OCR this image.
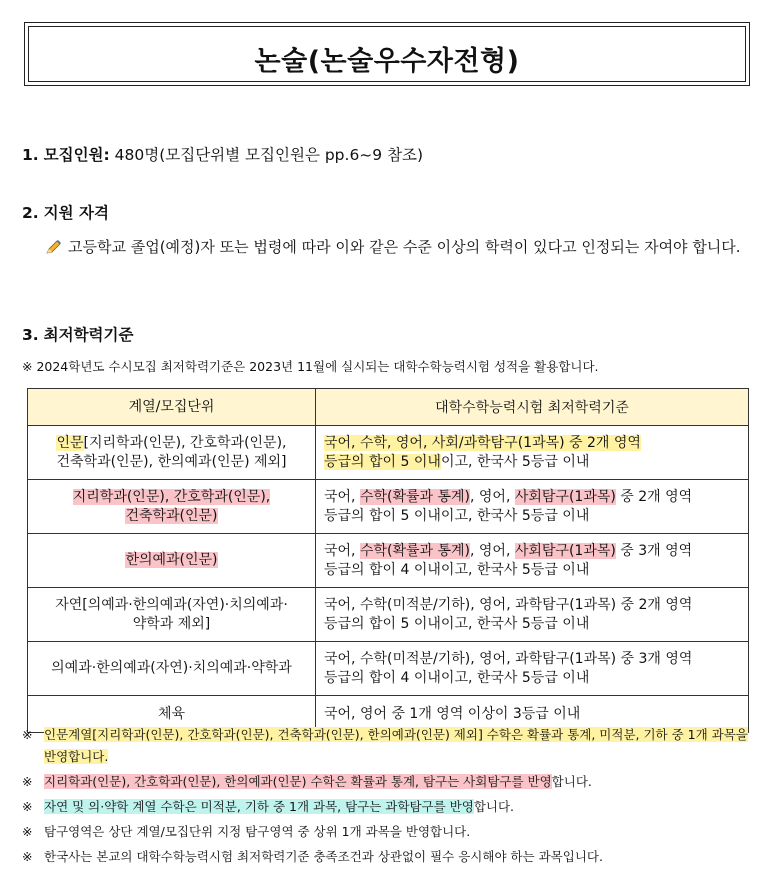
논술(논술우수자전형)
1. 모집인원: 480명(모집단위별 모집인원은 pp.6~9 참조)
2. 지원 자격
고등학교 졸업(예정)자 또는 법령에 따라 이와 같은 수준 이상의 학력이 있다고 인정되는 자여야 합니다.
3. 최저학력기준
※ 2024학년도 수시모집 최저학력기준은 2023년 11월에 실시되는 대학수학능력시험 성적을 활용합니다.
계열/모집단위	대학수학능력시험 최저학력기준
인문[지리학과(인문), 간호학과(인문),
건축학과(인문), 한의예과(인문) 제외]	국어, 수학, 영어, 사회/과학탐구(1과목) 중 2개 영역
등급의 합이 5 이내이고, 한국사 5등급 이내
지리학과(인문), 간호학과(인문),
건축학과(인문)	국어, 수학(확률과 통계), 영어, 사회탐구(1과목) 중 2개 영역
등급의 합이 5 이내이고, 한국사 5등급 이내
한의예과(인문)	국어, 수학(확률과 통계), 영어, 사회탐구(1과목) 중 3개 영역
등급의 합이 4 이내이고, 한국사 5등급 이내
자연[의예과·한의예과(자연)·치의예과·
약학과 제외]	국어, 수학(미적분/기하), 영어, 과학탐구(1과목) 중 2개 영역
등급의 합이 5 이내이고, 한국사 5등급 이내
의예과·한의예과(자연)·치의예과·약학과	국어, 수학(미적분/기하), 영어, 과학탐구(1과목) 중 3개 영역
등급의 합이 4 이내이고, 한국사 5등급 이내
체육	국어, 영어 중 1개 영역 이상이 3등급 이내
※ 인문계열[지리학과(인문), 간호학과(인문), 건축학과(인문), 한의예과(인문) 제외] 수학은 확률과 통계, 미적분, 기하 중 1개 과목을 반영합니다.
※ 지리학과(인문), 간호학과(인문), 한의예과(인문) 수학은 확률과 통계, 탐구는 사회탐구를 반영합니다.
※ 자연 및 의·약학 계열 수학은 미적분, 기하 중 1개 과목, 탐구는 과학탐구를 반영합니다.
※ 탐구영역은 상단 계열/모집단위 지정 탐구영역 중 상위 1개 과목을 반영합니다.
※ 한국사는 본교의 대학수학능력시험 최저학력기준 충족조건과 상관없이 필수 응시해야 하는 과목입니다.
